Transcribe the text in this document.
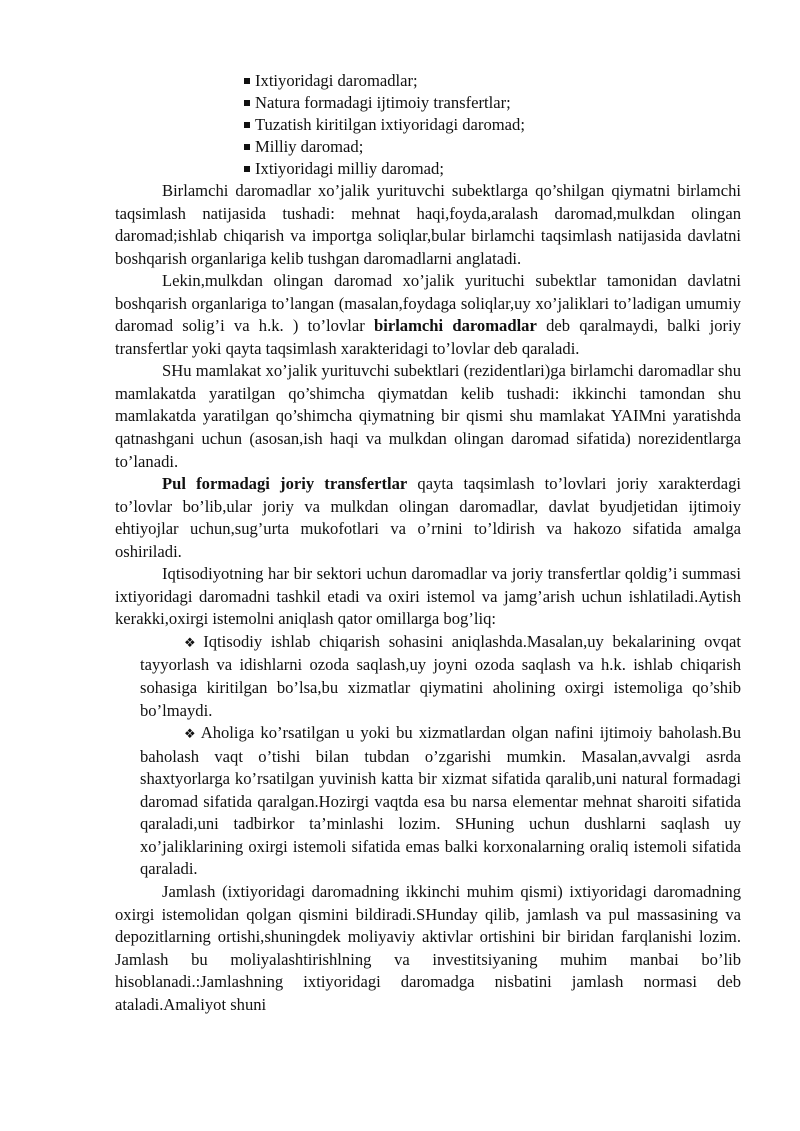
Ixtiyoridagi daromadlar;
Natura formadagi ijtimoiy transfertlar;
Tuzatish kiritilgan ixtiyoridagi daromad;
Milliy daromad;
Ixtiyoridagi milliy daromad;

Birlamchi daromadlar xo’jalik yurituvchi subektlarga qo’shilgan qiymatni birlamchi taqsimlash natijasida tushadi: mehnat haqi,foyda,aralash daromad,mulkdan olingan daromad;ishlab chiqarish va importga soliqlar,bular birlamchi taqsimlash natijasida davlatni boshqarish organlariga kelib tushgan daromadlarni anglatadi.

Lekin,mulkdan olingan daromad xo’jalik yurituchi subektlar tamonidan davlatni boshqarish organlariga to’langan (masalan,foydaga soliqlar,uy xo’jaliklari to’ladigan umumiy daromad solig’i va h.k. ) to’lovlar birlamchi daromadlar deb qaralmaydi, balki joriy transfertlar yoki qayta taqsimlash xarakteridagi to’lovlar deb qaraladi.

SHu mamlakat xo’jalik yurituvchi subektlari (rezidentlari)ga birlamchi daromadlar shu mamlakatda yaratilgan qo’shimcha qiymatdan kelib tushadi: ikkinchi tamondan shu mamlakatda yaratilgan qo’shimcha qiymatning bir qismi shu mamlakat YAIMni yaratishda qatnashgani uchun (asosan,ish haqi va mulkdan olingan daromad sifatida) norezidentlarga to’lanadi.

Pul formadagi joriy transfertlar qayta taqsimlash to’lovlari joriy xarakterdagi to’lovlar bo’lib,ular joriy va mulkdan olingan daromadlar, davlat byudjetidan ijtimoiy ehtiyojlar uchun,sug’urta mukofotlari va o’rnini to’ldirish va hakozo sifatida amalga oshiriladi.

Iqtisodiyotning har bir sektori uchun daromadlar va joriy transfertlar qoldig’i summasi ixtiyoridagi daromadni tashkil etadi va oxiri istemol va jamg’arish uchun ishlatiladi.Aytish kerakki,oxirgi istemolni aniqlash qator omillarga bog’liq:

❖ Iqtisodiy ishlab chiqarish sohasini aniqlashda.Masalan,uy bekalarining ovqat tayyorlash va idishlarni ozoda saqlash,uy joyni ozoda saqlash va h.k. ishlab chiqarish sohasiga kiritilgan bo’lsa,bu xizmatlar qiymatini aholining oxirgi istemoliga qo’shib bo’lmaydi.

❖ Aholiga ko’rsatilgan u yoki bu xizmatlardan olgan nafini ijtimoiy baholash.Bu baholash vaqt o’tishi bilan tubdan o’zgarishi mumkin. Masalan,avvalgi asrda shaxtyorlarga ko’rsatilgan yuvinish katta bir xizmat sifatida qaralib,uni natural formadagi daromad sifatida qaralgan.Hozirgi vaqtda esa bu narsa elementar mehnat sharoiti sifatida qaraladi,uni tadbirkor ta’minlashi lozim. SHuning uchun dushlarni saqlash uy xo’jaliklarining oxirgi istemoli sifatida emas balki korxonalarning oraliq istemoli sifatida qaraladi.

Jamlash (ixtiyoridagi daromadning ikkinchi muhim qismi) ixtiyoridagi daromadning oxirgi istemolidan qolgan qismini bildiradi.SHunday qilib, jamlash va pul massasining va depozitlarning ortishi,shuningdek moliyaviy aktivlar ortishini bir biridan farqlanishi lozim. Jamlash bu moliyalashtirishlning va investitsiyaning muhim manbai bo’lib hisoblanadi.:Jamlashning ixtiyoridagi daromadga nisbatini jamlash normasi deb ataladi.Amaliyot shuni
